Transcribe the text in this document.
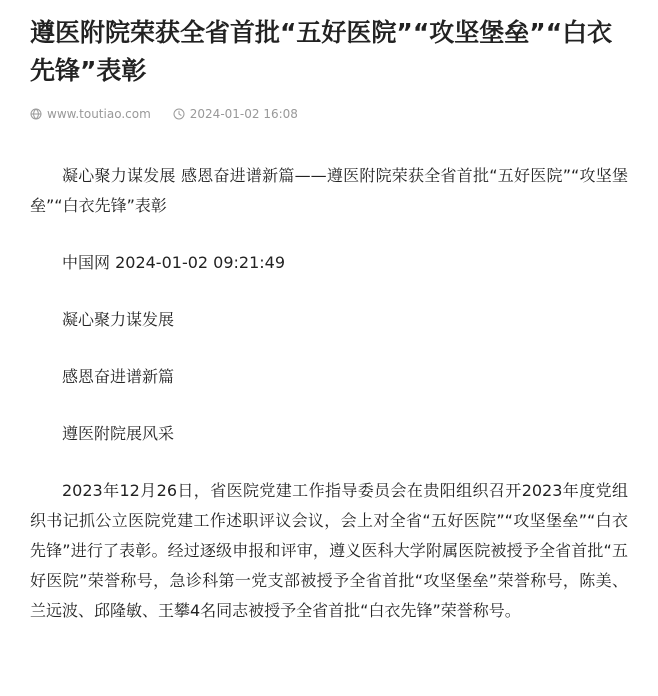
遵医附院荣获全省首批“五好医院”“攻坚堡垒”“白衣先锋”表彰
www.toutiao.com	2024-01-02 16:08

凝心聚力谋发展 感恩奋进谱新篇——遵医附院荣获全省首批“五好医院”“攻坚堡垒”“白衣先锋”表彰

中国网 2024-01-02 09:21:49

凝心聚力谋发展

感恩奋进谱新篇

遵医附院展风采

2023年12月26日，省医院党建工作指导委员会在贵阳组织召开2023年度党组织书记抓公立医院党建工作述职评议会议，会上对全省“五好医院”“攻坚堡垒”“白衣先锋”进行了表彰。经过逐级申报和评审，遵义医科大学附属医院被授予全省首批“五好医院”荣誉称号，急诊科第一党支部被授予全省首批“攻坚堡垒”荣誉称号，陈美、兰远波、邱隆敏、王攀4名同志被授予全省首批“白衣先锋”荣誉称号。
